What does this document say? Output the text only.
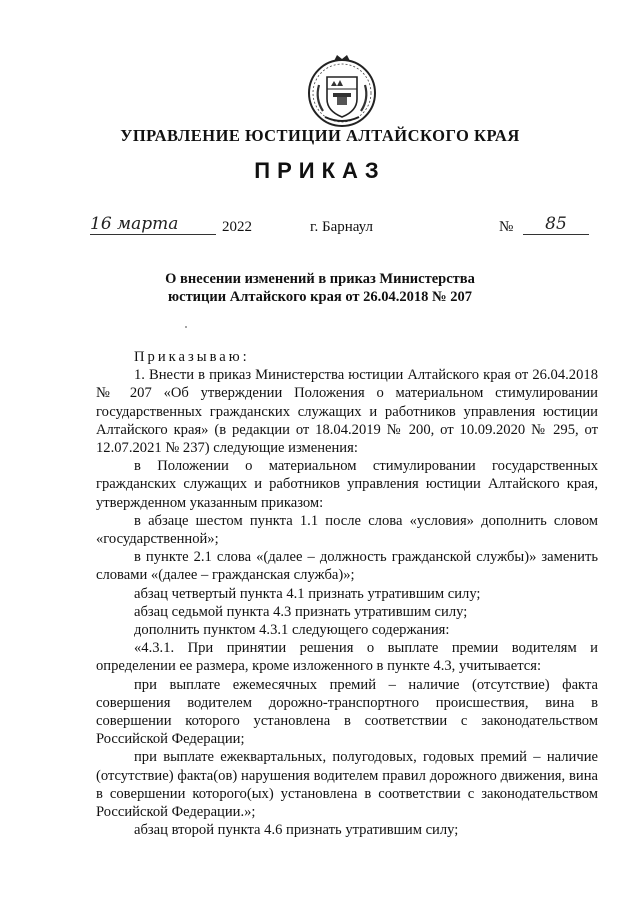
УПРАВЛЕНИЕ ЮСТИЦИИ АЛТАЙСКОГО КРАЯ
ПРИКАЗ
16 марта	2022	г. Барнаул	№	85
О внесении изменений в приказ Министерства
юстиции Алтайского края от 26.04.2018 № 207

Приказываю:

1. Внести в приказ Министерства юстиции Алтайского края от 26.04.2018 № 207 «Об утверждении Положения о материальном стимулировании государственных гражданских служащих и работников управления юстиции Алтайского края» (в редакции от 18.04.2019 № 200, от 10.09.2020 № 295, от 12.07.2021 № 237) следующие изменения:

в Положении о материальном стимулировании государственных гражданских служащих и работников управления юстиции Алтайского края, утвержденном указанным приказом:

в абзаце шестом пункта 1.1 после слова «условия» дополнить словом «государственной»;

в пункте 2.1 слова «(далее – должность гражданской службы)» заменить словами «(далее – гражданская служба)»;

абзац четвертый пункта 4.1 признать утратившим силу;

абзац седьмой пункта 4.3 признать утратившим силу;

дополнить пунктом 4.3.1 следующего содержания:

«4.3.1. При принятии решения о выплате премии водителям и определении ее размера, кроме изложенного в пункте 4.3, учитывается:

при выплате ежемесячных премий – наличие (отсутствие) факта совершения водителем дорожно-транспортного происшествия, вина в совершении которого установлена в соответствии с законодательством Российской Федерации;

при выплате ежеквартальных, полугодовых, годовых премий – наличие (отсутствие) факта(ов) нарушения водителем правил дорожного движения, вина в совершении которого(ых) установлена в соответствии с законодательством Российской Федерации.»;

абзац второй пункта 4.6 признать утратившим силу;
